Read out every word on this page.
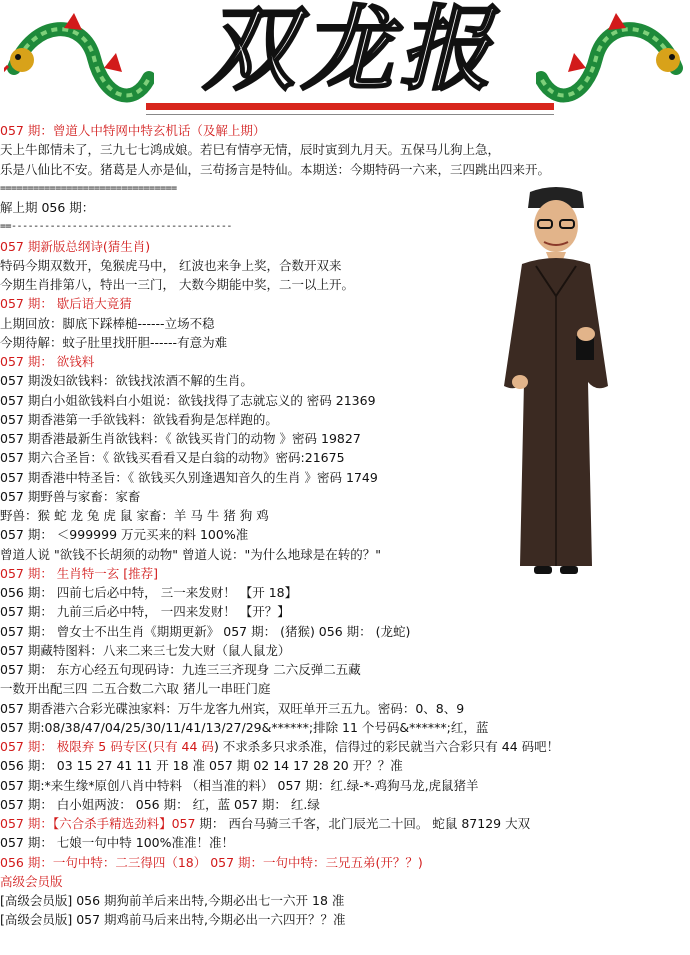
双龙报
057 期：曾道人中特网中特玄机话（及解上期）
天上牛郎情未了，三九七七鸿成娘。若巳有情亭无情，辰时寅到九月天。五保马儿狗上急，
乐是八仙比不安。猪葛是人亦是仙，三苟扬言是特仙。本期送：今期特码一六来，三四跳出四来开。
================================
解上期 056 期：
==----------------------------------------
057 期新版总纲诗(猜生肖)
特码今期双数开，兔猴虎马中， 红波也来争上奖，合数开双来
今期生肖排第八，特出一三门， 大数今期能中奖，二一以上开。
057 期： 歇后语大竟猜
上期回放：脚底下踩棒槌------立场不稳
今期待解：蚊子肚里找肝胆------有意为难
057 期： 欲钱料
057 期泼妇欲钱料：欲钱找浓酒不解的生肖。
057 期白小姐欲钱料白小姐说：欲钱找得了志就忘义的 密码 21369
057 期香港第一手欲钱料：欲钱看狗是怎样跑的。
057 期香港最新生肖欲钱料：《 欲钱买肯门的动物 》密码 19827
057 期六合圣旨：《 欲钱买看看又是白翁的动物》密码:21675
057 期香港中特圣旨：《 欲钱买久别逢遇知音久的生肖 》密码 1749
057 期野兽与家畜：家畜
野兽：猴 蛇 龙 兔 虎 鼠 家畜：羊 马 牛 猪 狗 鸡
057 期： ＜999999 万元买来的料 100%准
曾道人说 "欲钱不长胡须的动物" 曾道人说："为什么地球是在转的？"
057 期： 生肖特一玄 [推荐]
056 期： 四前七后必中特， 三一来发财！ 【开 18】
057 期： 九前三后必中特， 一四来发财！ 【开？】
057 期： 曾女士不出生肖《期期更新》 057 期： (猪猴) 056 期： (龙蛇)
057 期藏特图料：八来二来三七发大财（鼠人鼠龙）
057 期： 东方心经五句现码诗：九连三三齐现身 二六反弹二五藏
一数开出配三四 二五合数二六取 猪儿一串旺门庭
057 期香港六合彩光碟浊家料：万牛龙客九州宾，双旺单开三五九。密码：0、8、9
057 期:08/38/47/04/25/30/11/41/13/27/29&******;排除 11 个号码&******;红，蓝
057 期： 极限弃 5 码专区(只有 44 码) 不求杀多只求杀准，信得过的彩民就当六合彩只有 44 码吧！
056 期： 03 15 27 41 11 开 18 准 057 期 02 14 17 28 20 开？？准
057 期:*来生缘*原创八肖中特料 （相当准的料） 057 期：红.绿-*-鸡狗马龙,虎鼠猪羊
057 期： 白小姐两波： 056 期： 红，蓝 057 期： 红.绿
057 期：【六合杀手精选劲料】057 期： 西台马骑三千客，北门辰光二十回。 蛇鼠 87129 大双
057 期： 七娘一句中特 100%准准！准！
056 期：一句中特：二三得四（18） 057 期：一句中特：三兄五弟(开？？)
高级会员版
[高级会员版] 056 期狗前羊后来出特,今期必出七一六开 18 准
[高级会员版] 057 期鸡前马后来出特,今期必出一六四开？？准
